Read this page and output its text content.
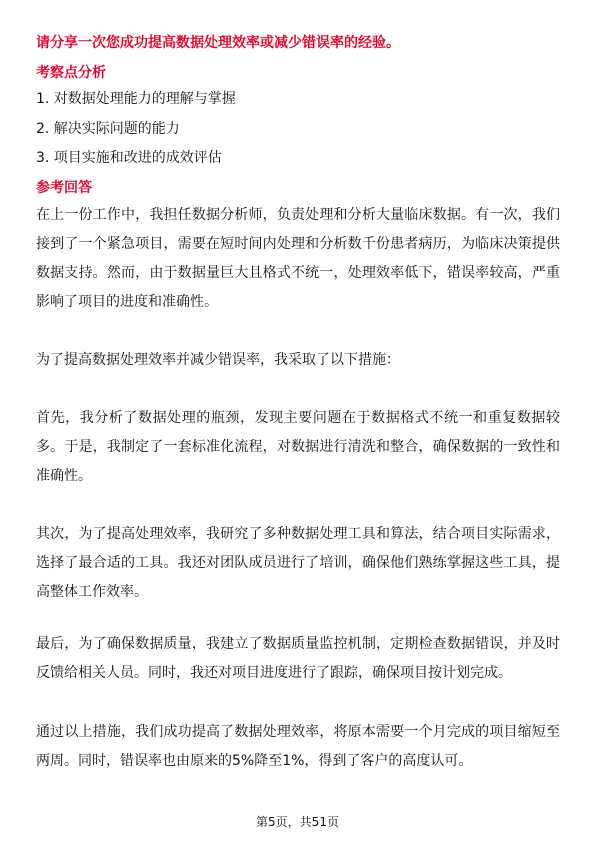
请分享一次您成功提高数据处理效率或减少错误率的经验。
考察点分析
1. 对数据处理能力的理解与掌握
2. 解决实际问题的能力
3. 项目实施和改进的成效评估
参考回答
在上一份工作中，我担任数据分析师，负责处理和分析大量临床数据。有一次，我们接到了一个紧急项目，需要在短时间内处理和分析数千份患者病历，为临床决策提供数据支持。然而，由于数据量巨大且格式不统一，处理效率低下，错误率较高，严重影响了项目的进度和准确性。
为了提高数据处理效率并减少错误率，我采取了以下措施：
首先，我分析了数据处理的瓶颈，发现主要问题在于数据格式不统一和重复数据较多。于是，我制定了一套标准化流程，对数据进行清洗和整合，确保数据的一致性和准确性。
其次，为了提高处理效率，我研究了多种数据处理工具和算法，结合项目实际需求，选择了最合适的工具。我还对团队成员进行了培训，确保他们熟练掌握这些工具，提高整体工作效率。
最后，为了确保数据质量，我建立了数据质量监控机制，定期检查数据错误，并及时反馈给相关人员。同时，我还对项目进度进行了跟踪，确保项目按计划完成。
通过以上措施，我们成功提高了数据处理效率，将原本需要一个月完成的项目缩短至两周。同时，错误率也由原来的5%降至1%，得到了客户的高度认可。
第5页，共51页
